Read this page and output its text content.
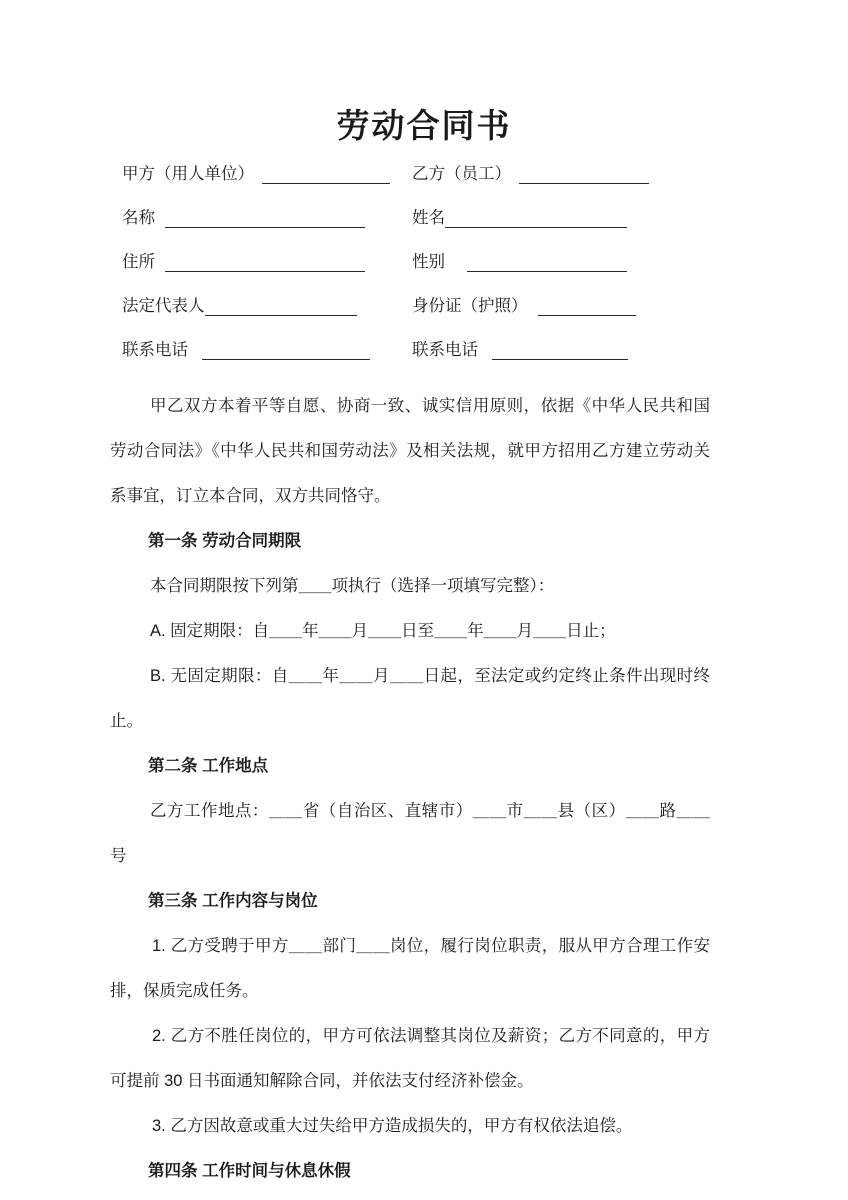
劳动合同书
甲方（用人单位）	乙方（员工）
名称	姓名
住所	性别
法定代表人	身份证（护照）
联系电话	联系电话

甲乙双方本着平等自愿、协商一致、诚实信用原则，依据《中华人民共和国劳动合同法》《中华人民共和国劳动法》及相关法规，就甲方招用乙方建立劳动关系事宜，订立本合同，双方共同恪守。

第一条 劳动合同期限

本合同期限按下列第＿＿项执行（选择一项填写完整）：

A. 固定期限：自＿＿年＿＿月＿＿日至＿＿年＿＿月＿＿日止；

B. 无固定期限：自＿＿年＿＿月＿＿日起，至法定或约定终止条件出现时终止。

第二条 工作地点

乙方工作地点：＿＿省（自治区、直辖市）＿＿市＿＿县（区）＿＿路＿＿号

第三条 工作内容与岗位

1. 乙方受聘于甲方＿＿部门＿＿岗位，履行岗位职责，服从甲方合理工作安排，保质完成任务。

2. 乙方不胜任岗位的，甲方可依法调整其岗位及薪资；乙方不同意的，甲方可提前 30 日书面通知解除合同，并依法支付经济补偿金。

3. 乙方因故意或重大过失给甲方造成损失的，甲方有权依法追偿。

第四条 工作时间与休息休假
